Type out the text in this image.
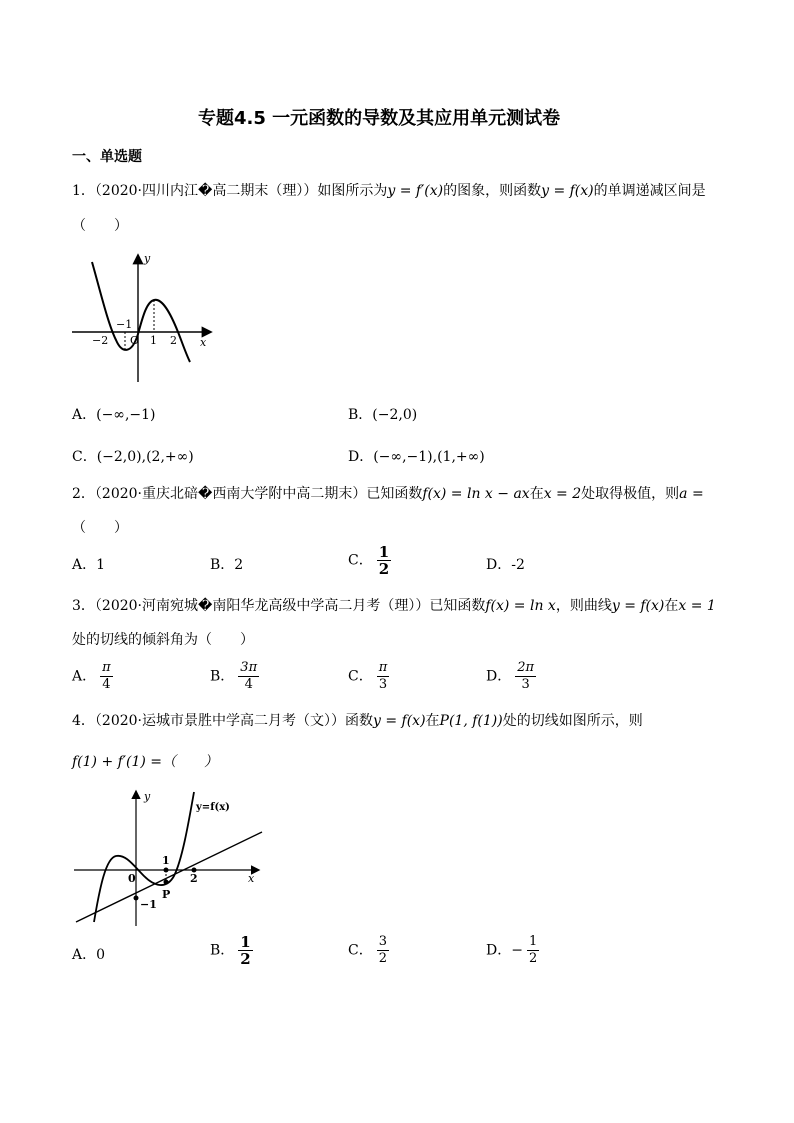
专题4.5 一元函数的导数及其应用单元测试卷
一、单选题
1．（2020·四川内江�高二期末（理））如图所示为y = f′(x)的图象，则函数y = f(x)的单调递减区间是
（　　）
y
x
−1
−2 O 1 2
A．(−∞,−1)	B．(−2,0)
C．(−2,0),(2,+∞)	D．(−∞,−1),(1,+∞)
2．（2020·重庆北碚�西南大学附中高二期末）已知函数f(x) = ln x − ax在x = 2处取得极值，则a =
（　　）
A．1	B．2	C． $\frac{1}{2}$	D．-2
3．（2020·河南宛城�南阳华龙高级中学高二月考（理））已知函数f(x) = ln x，则曲线y = f(x)在x = 1
处的切线的倾斜角为（　　）
A． $\frac{\pi}{4}$	B． $\frac{3\pi}{4}$	C． $\frac{\pi}{3}$	D． $\frac{2\pi}{3}$
4．（2020·运城市景胜中学高二月考（文））函数y = f(x)在P(1, f(1))处的切线如图所示，则
f(1) + f′(1) =（　　）
y
x
y=f(x)
0
1
2
−1
P
A．0	B． $\frac{1}{2}$	C． $\frac{3}{2}$	D．− $\frac{1}{2}$
